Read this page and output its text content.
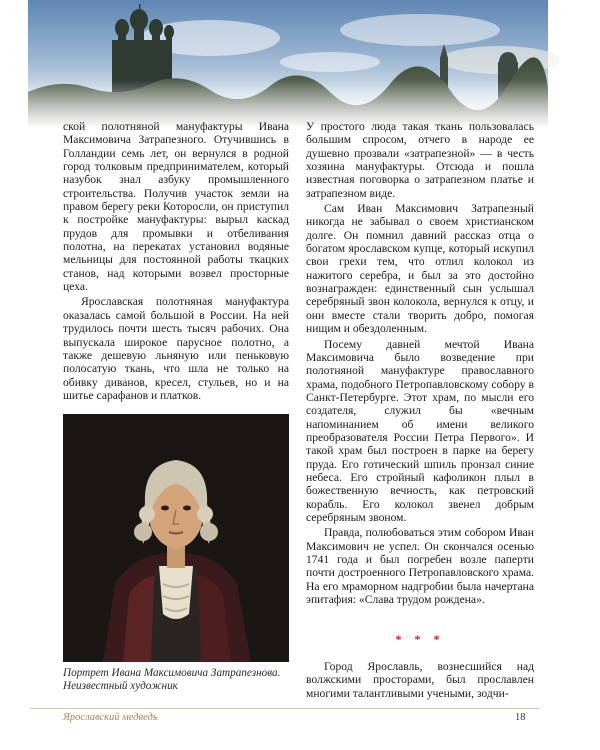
ской полотняной мануфактуры Ивана Максимовича Затрапезного. Отучившись в Голландии семь лет, он вернулся в родной город толковым предпринимателем, который назубок знал азбуку промышленного строительства. Получив участок земли на правом берегу реки Которосли, он приступил к постройке мануфактуры: вырыл каскад прудов для промывки и отбеливания полотна, на перекатах установил водяные мельницы для постоянной работы ткацких станов, над которыми возвел просторные цеха.

Ярославская полотняная мануфактура оказалась самой большой в России. На ней трудилось почти шесть тысяч рабочих. Она выпускала широкое парусное полотно, а также дешевую льняную или пеньковую полосатую ткань, что шла не только на обивку диванов, кресел, стульев, но и на шитье сарафанов и платков.

Портрет Ивана Максимовича Затрапезнова.
Неизвестный художник

У простого люда такая ткань пользовалась большим спросом, отчего в народе ее душевно прозвали «затрапезной» — в честь хозяина мануфактуры. Отсюда и пошла известная поговорка о затрапезном платье и затрапезном виде.

Сам Иван Максимович Затрапезный никогда не забывал о своем христианском долге. Он помнил давний рассказ отца о богатом ярославском купце, который искупил свои грехи тем, что отлил колокол из нажитого серебра, и был за это достойно вознагражден: единственный сын услышал серебряный звон колокола, вернулся к отцу, и они вместе стали творить добро, помогая нищим и обездоленным.

Посему давней мечтой Ивана Максимовича было возведение при полотняной мануфактуре православного храма, подобного Петропавловскому собору в Санкт-Петербурге. Этот храм, по мысли его создателя, служил бы «вечным напоминанием об имени великого преобразователя России Петра Первого». И такой храм был построен в парке на берегу пруда. Его готический шпиль пронзал синие небеса. Его стройный кафоликон плыл в божественную вечность, как петровский корабль. Его колокол звенел добрым серебряным звоном.

Правда, полюбоваться этим собором Иван Максимович не успел. Он скончался осенью 1741 года и был погребен возле паперти почти достроенного Петропавловского храма. На его мраморном надгробии была начертана эпитафия: «Слава трудом рождена».

* * *

Город Ярославль, вознесшийся над волжскими просторами, был прославлен многими талантливыми учеными, зодчи-

Ярославский медведь	18
